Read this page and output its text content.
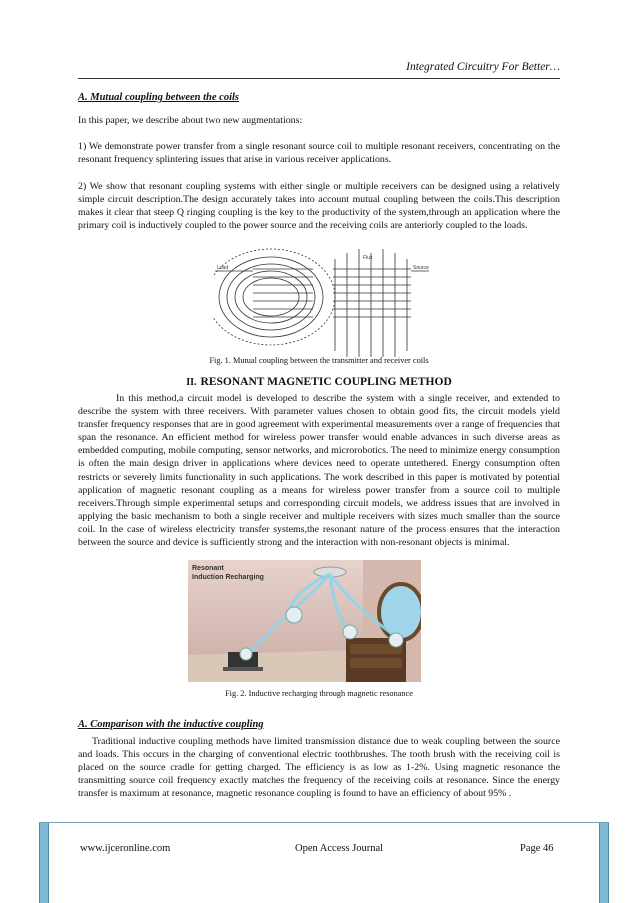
Integrated Circuitry For Better…
A. Mutual coupling between the coils

In this paper, we describe about two new augmentations:

1) We demonstrate power transfer from a single resonant source coil to multiple resonant receivers, concentrating on the resonant frequency splintering issues that arise in various receiver applications.

2) We show that resonant coupling systems with either single or multiple receivers can be designed using a relatively simple circuit description.The design accurately takes into account mutual coupling between the coils.This description makes it clear that steep Q ringing coupling is the key to the productivity of the system,through an application where the primary coil is inductively coupled to the power source and the receiving coils are anteriorly coupled to the loads.

Load	Source
Flux
Fig. 1. Mutual coupling between the transmitter and receiver coils
II. RESONANT MAGNETIC COUPLING METHOD

In this method,a circuit model is developed to describe the system with a single receiver, and extended to describe the system with three receivers. With parameter values chosen to obtain good fits, the circuit models yield transfer frequency responses that are in good agreement with experimental measurements over a range of frequencies that span the resonance. An efficient method for wireless power transfer would enable advances in such diverse areas as embedded computing, mobile computing, sensor networks, and microrobotics. The need to minimize energy consumption is often the main design driver in applications where devices need to operate untethered. Energy consumption often restricts or severely limits functionality in such applications. The work described in this paper is motivated by potential application of magnetic resonant coupling as a means for wireless power transfer from a source coil to multiple receivers.Through simple experimental setups and corresponding circuit models, we address issues that are involved in applying the basic mechanism to both a single receiver and multiple receivers with sizes much smaller than the source coil. In the case of wireless electricity transfer systems,the resonant nature of the process ensures that the interaction between the source and device is sufficiently strong and the interaction with non-resonant objects is minimal.

Resonant
Induction Recharging
Fig. 2. Inductive recharging through magnetic resonance
A. Comparison with the inductive coupling

Traditional inductive coupling methods have limited transmission distance due to weak coupling between the source and loads. This occurs in the charging of conventional electric toothbrushes. The tooth brush with the receiving coil is placed on the source cradle for getting charged. The efficiency is as low as 1-2%. Using magnetic resonance the transmitting source coil frequency exactly matches the frequency of the receiving coils at resonance. Since the energy transfer is maximum at resonance, magnetic resonance coupling is found to have an efficiency of about 95% .

www.ijceronline.com	Open Access Journal	Page 46
